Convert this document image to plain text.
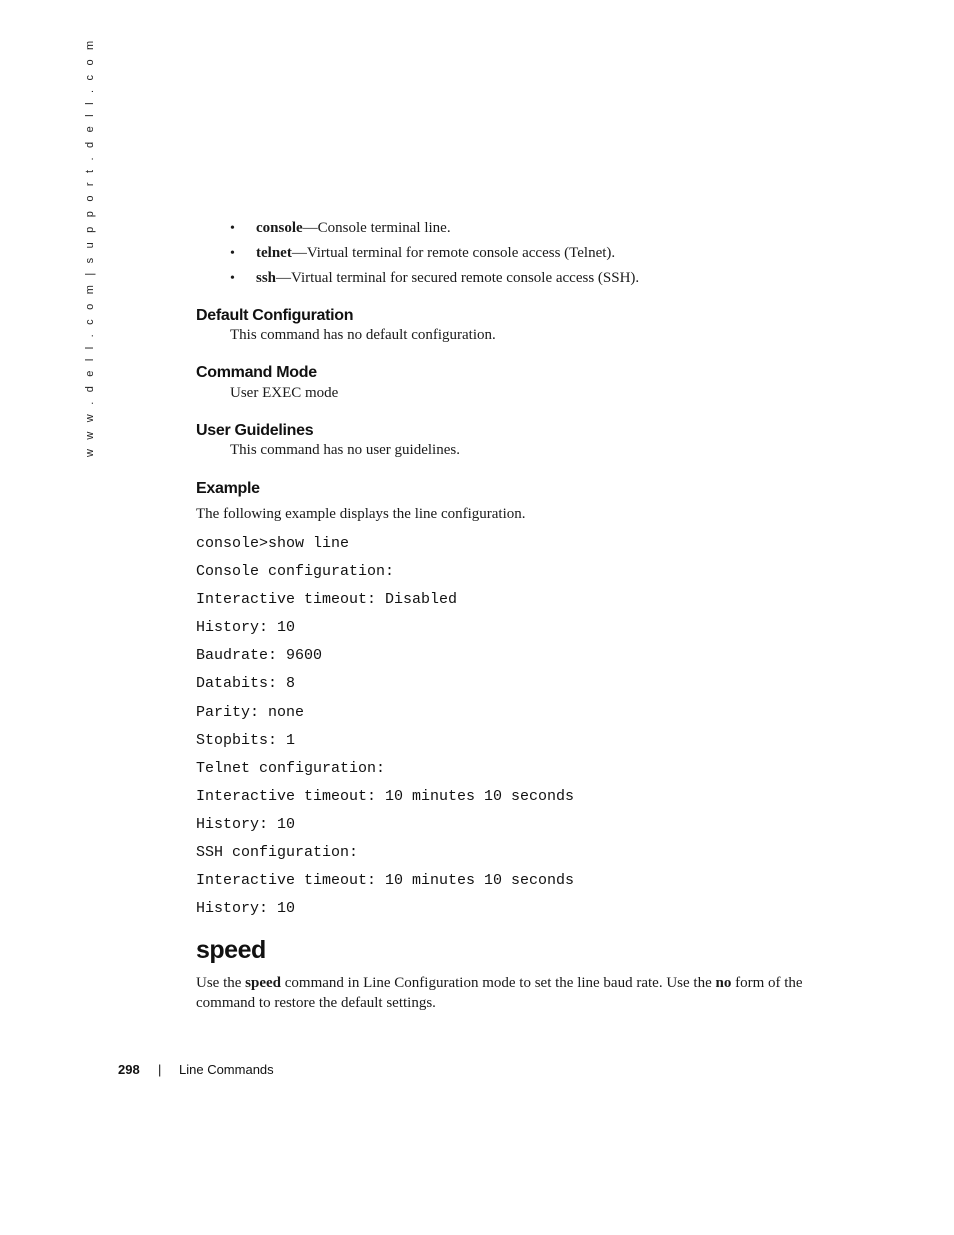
w w w . d e l l . c o m | s u p p o r t . d e l l . c o m	• console—Console terminal line.
• telnet—Virtual terminal for remote console access (Telnet).
• ssh—Virtual terminal for secured remote console access (SSH).
Default Configuration
This command has no default configuration.
Command Mode
User EXEC mode
User Guidelines
This command has no user guidelines.
Example
The following example displays the line configuration.
console>show line
Console configuration:
Interactive timeout: Disabled
History: 10
Baudrate: 9600
Databits: 8
Parity: none
Stopbits: 1
Telnet configuration:
Interactive timeout: 10 minutes 10 seconds
History: 10
SSH configuration:
Interactive timeout: 10 minutes 10 seconds
History: 10
speed
Use the speed command in Line Configuration mode to set the line baud rate. Use the no form of the command to restore the default settings.
298 | Line Commands
